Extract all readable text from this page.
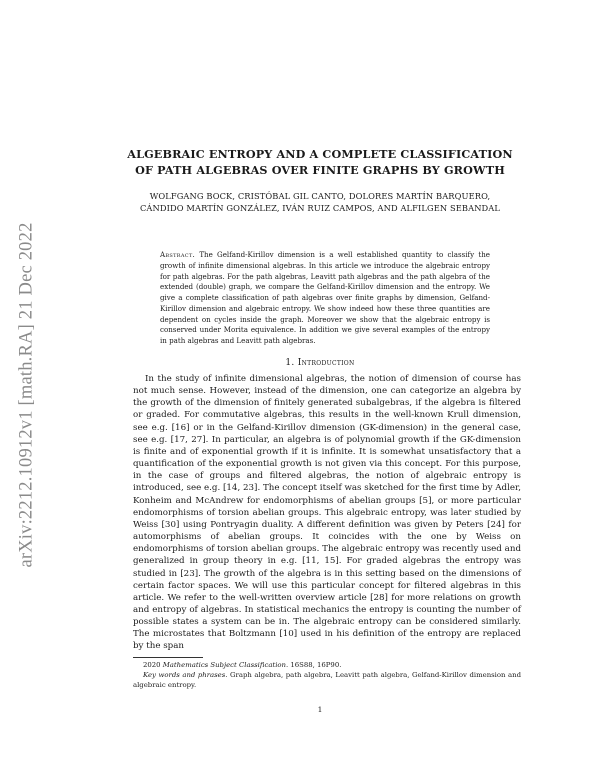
arXiv:2212.10912v1 [math.RA] 21 Dec 2022
ALGEBRAIC ENTROPY AND A COMPLETE CLASSIFICATION
OF PATH ALGEBRAS OVER FINITE GRAPHS BY GROWTH
WOLFGANG BOCK, CRISTÓBAL GIL CANTO, DOLORES MARTÍN BARQUERO,
CÁNDIDO MARTÍN GONZÁLEZ, IVÁN RUIZ CAMPOS, AND ALFILGEN SEBANDAL
Abstract. The Gelfand-Kirillov dimension is a well established quantity to classify the growth of infinite dimensional algebras. In this article we introduce the algebraic entropy for path algebras. For the path algebras, Leavitt path algebras and the path algebra of the extended (double) graph, we compare the Gelfand-Kirillov dimension and the entropy. We give a complete classification of path algebras over finite graphs by dimension, Gelfand-Kirillov dimension and algebraic entropy. We show indeed how these three quantities are dependent on cycles inside the graph. Moreover we show that the algebraic entropy is conserved under Morita equivalence. In addition we give several examples of the entropy in path algebras and Leavitt path algebras.
1. Introduction

In the study of infinite dimensional algebras, the notion of dimension of course has not much sense. However, instead of the dimension, one can categorize an algebra by the growth of the dimension of finitely generated subalgebras, if the algebra is filtered or graded. For commutative algebras, this results in the well-known Krull dimension, see e.g. [16] or in the Gelfand-Kirillov dimension (GK-dimension) in the general case, see e.g. [17, 27]. In particular, an algebra is of polynomial growth if the GK-dimension is finite and of exponential growth if it is infinite. It is somewhat unsatisfactory that a quantification of the exponential growth is not given via this concept. For this purpose, in the case of groups and filtered algebras, the notion of algebraic entropy is introduced, see e.g. [14, 23]. The concept itself was sketched for the first time by Adler, Konheim and McAndrew for endomorphisms of abelian groups [5], or more particular endomorphisms of torsion abelian groups. This algebraic entropy, was later studied by Weiss [30] using Pontryagin duality. A different definition was given by Peters [24] for automorphisms of abelian groups. It coincides with the one by Weiss on endomorphisms of torsion abelian groups. The algebraic entropy was recently used and generalized in group theory in e.g. [11, 15]. For graded algebras the entropy was studied in [23]. The growth of the algebra is in this setting based on the dimensions of certain factor spaces. We will use this particular concept for filtered algebras in this article. We refer to the well-written overview article [28] for more relations on growth and entropy of algebras. In statistical mechanics the entropy is counting the number of possible states a system can be in. The algebraic entropy can be considered similarly. The microstates that Boltzmann [10] used in his definition of the entropy are replaced by the span

2020 Mathematics Subject Classification. 16S88, 16P90.
Key words and phrases. Graph algebra, path algebra, Leavitt path algebra, Gelfand-Kirillov dimension and algebraic entropy.
1
